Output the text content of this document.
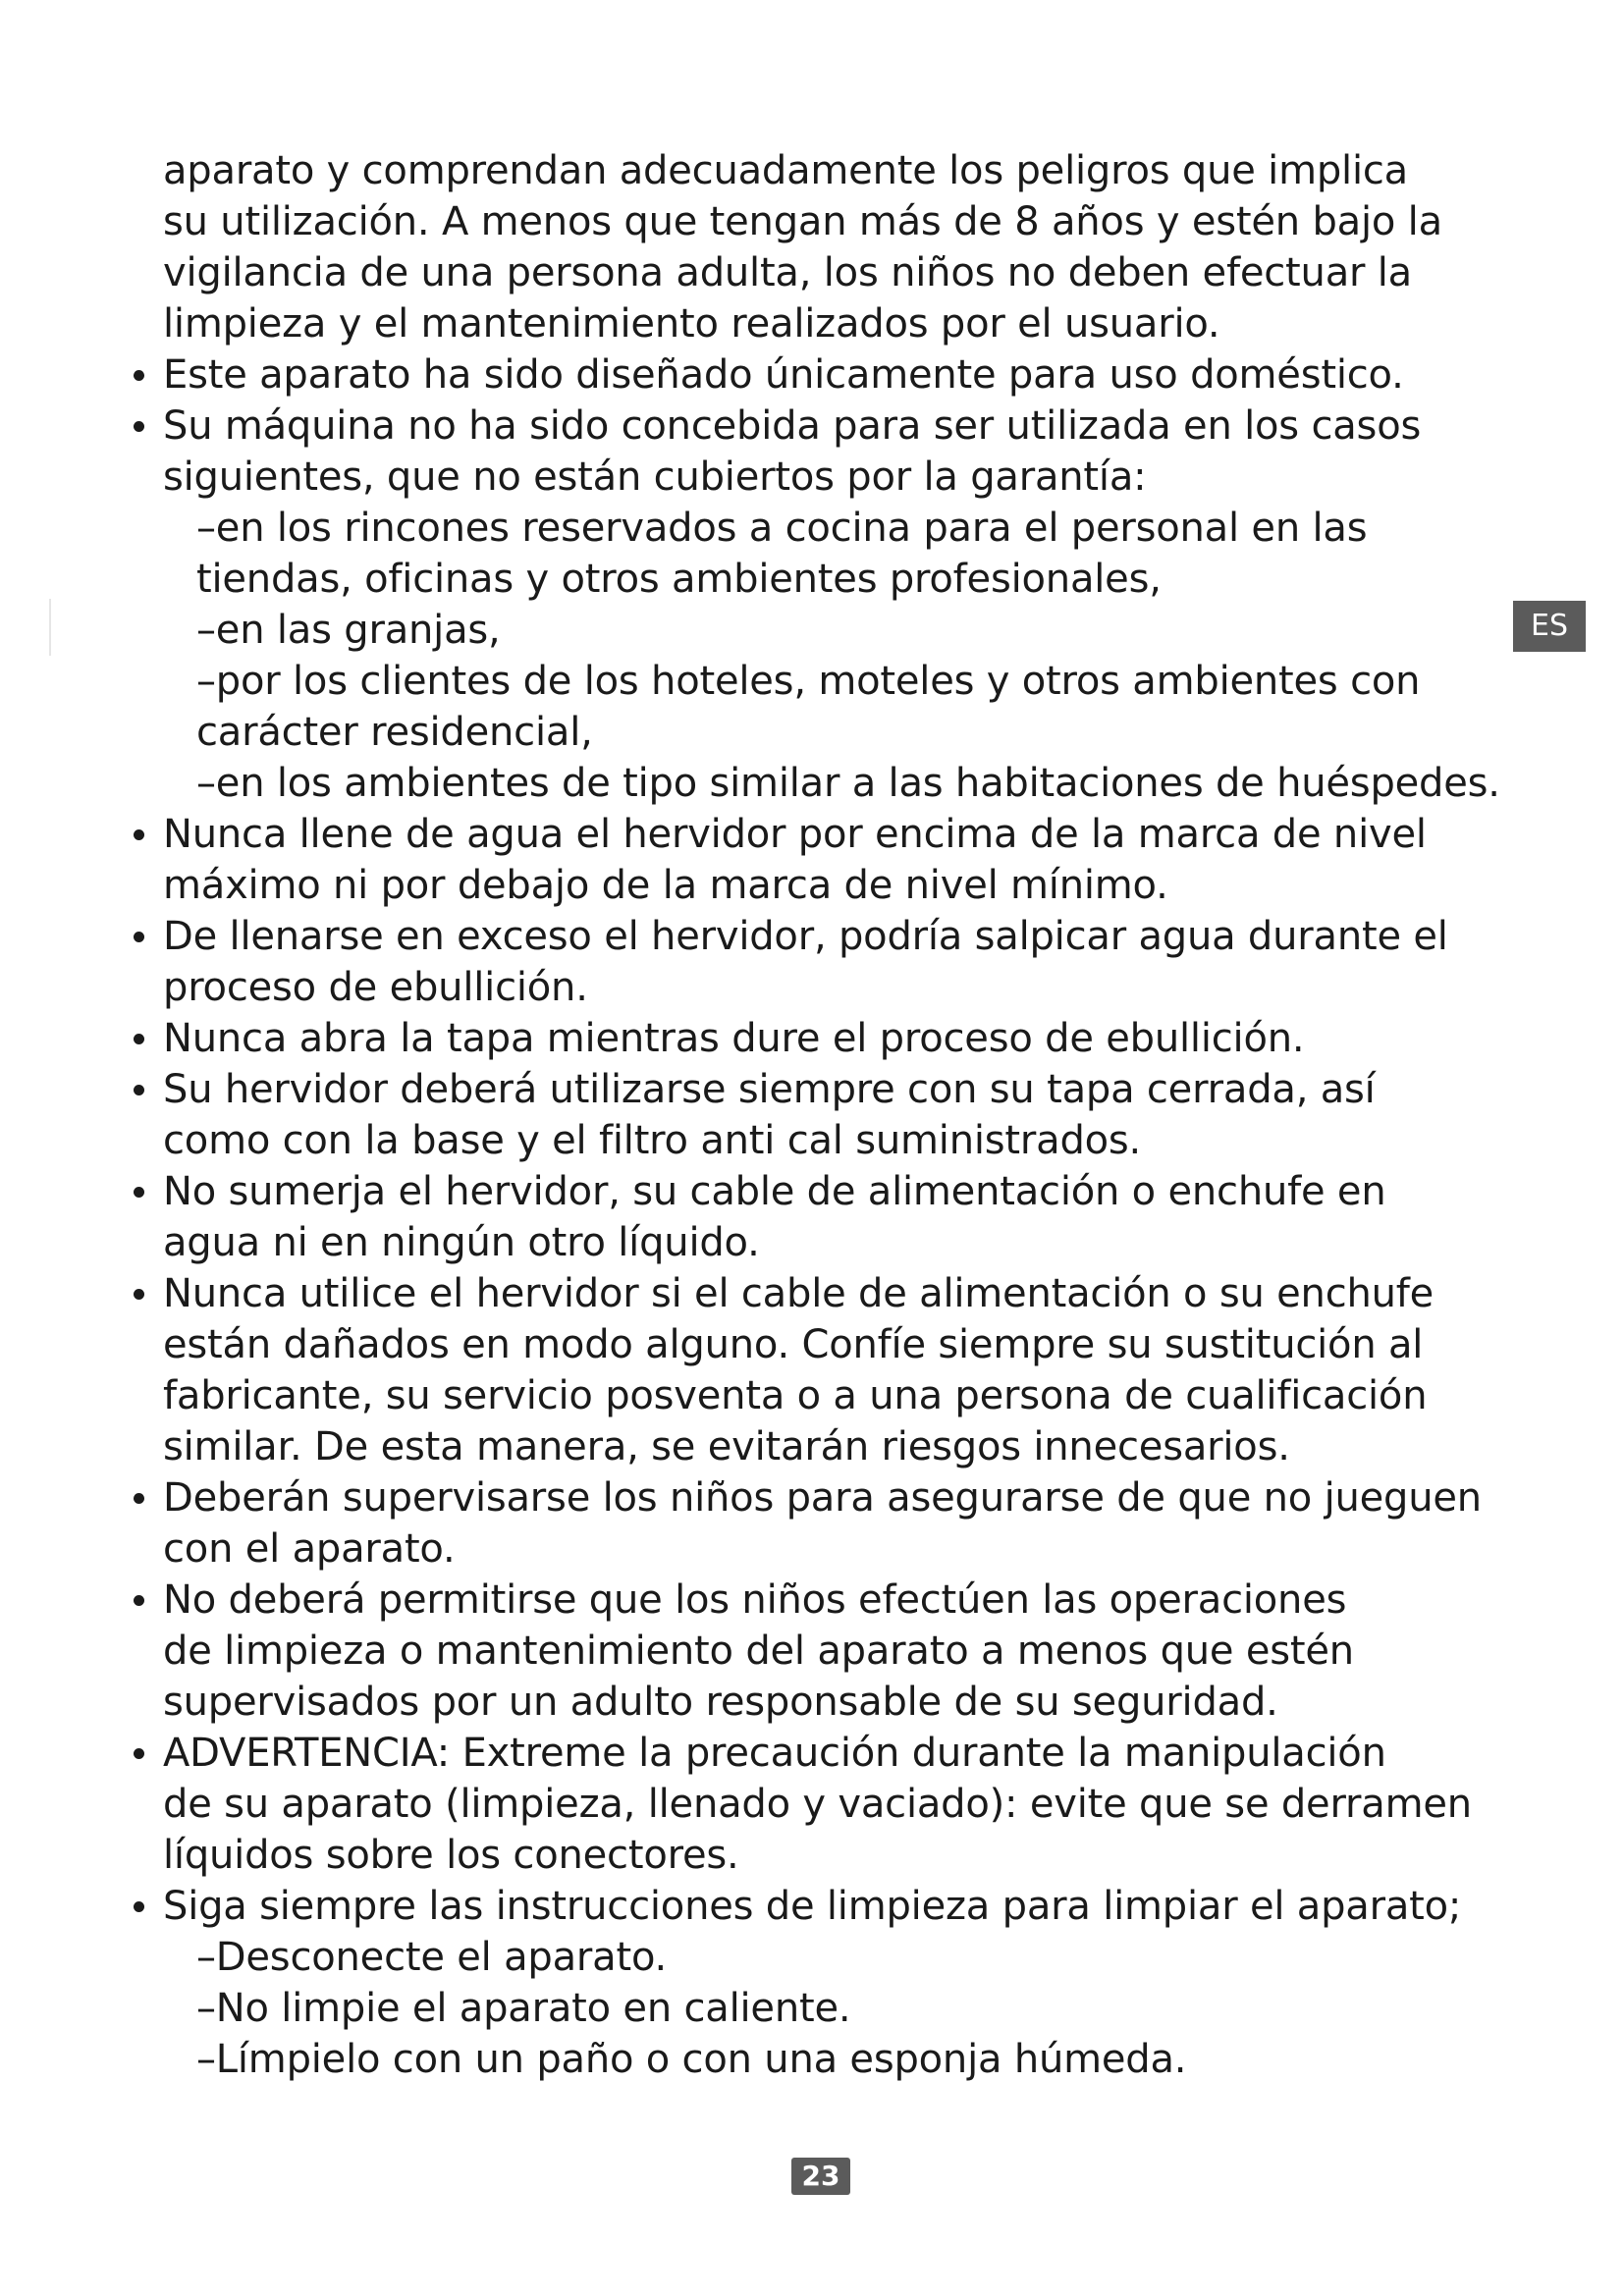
ES
aparato y comprendan adecuadamente los peligros que implica
su utilización. A menos que tengan más de 8 años y estén bajo la
vigilancia de una persona adulta, los niños no deben efectuar la
limpieza y el mantenimiento realizados por el usuario.
Este aparato ha sido diseñado únicamente para uso doméstico.
Su máquina no ha sido concebida para ser utilizada en los casos
siguientes, que no están cubiertos por la garantía:
–en los rincones reservados a cocina para el personal en las
tiendas, oficinas y otros ambientes profesionales,
–en las granjas,
–por los clientes de los hoteles, moteles y otros ambientes con
carácter residencial,
–en los ambientes de tipo similar a las habitaciones de huéspedes.
Nunca llene de agua el hervidor por encima de la marca de nivel
máximo ni por debajo de la marca de nivel mínimo.
De llenarse en exceso el hervidor, podría salpicar agua durante el
proceso de ebullición.
Nunca abra la tapa mientras dure el proceso de ebullición.
Su hervidor deberá utilizarse siempre con su tapa cerrada, así
como con la base y el filtro anti cal suministrados.
No sumerja el hervidor, su cable de alimentación o enchufe en
agua ni en ningún otro líquido.
Nunca utilice el hervidor si el cable de alimentación o su enchufe
están dañados en modo alguno. Confíe siempre su sustitución al
fabricante, su servicio posventa o a una persona de cualificación
similar. De esta manera, se evitarán riesgos innecesarios.
Deberán supervisarse los niños para asegurarse de que no jueguen
con el aparato.
No deberá permitirse que los niños efectúen las operaciones
de limpieza o mantenimiento del aparato a menos que estén
supervisados por un adulto responsable de su seguridad.
ADVERTENCIA: Extreme la precaución durante la manipulación
de su aparato (limpieza, llenado y vaciado): evite que se derramen
líquidos sobre los conectores.
Siga siempre las instrucciones de limpieza para limpiar el aparato;
–Desconecte el aparato.
–No limpie el aparato en caliente.
–Límpielo con un paño o con una esponja húmeda.
23
